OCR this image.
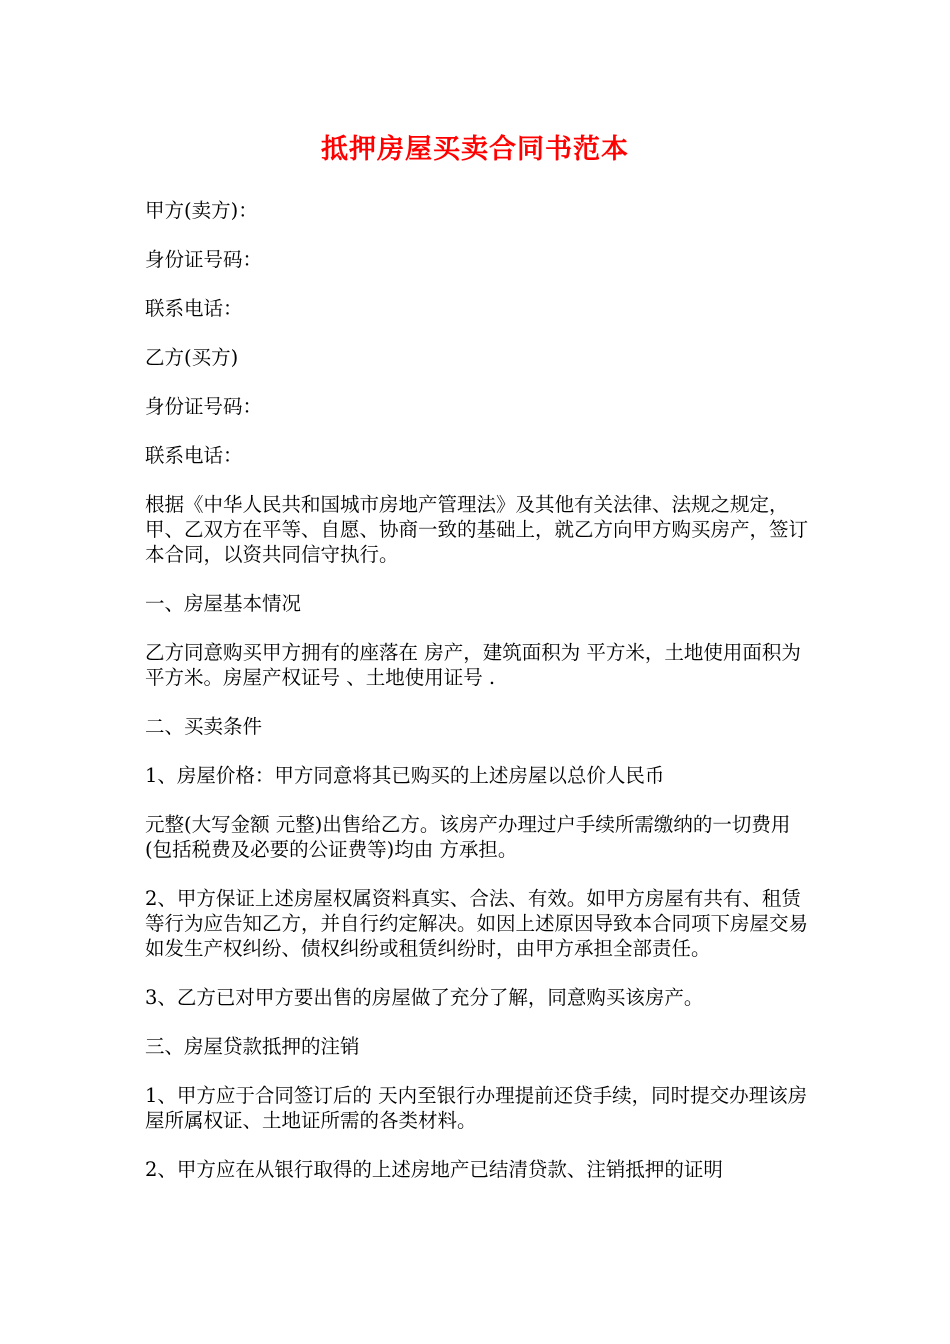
抵押房屋买卖合同书范本

甲方(卖方)：

身份证号码：

联系电话：

乙方(买方)

身份证号码：

联系电话：

根据《中华人民共和国城市房地产管理法》及其他有关法律、法规之规定，甲、乙双方在平等、自愿、协商一致的基础上，就乙方向甲方购买房产，签订本合同，以资共同信守执行。

一、房屋基本情况

乙方同意购买甲方拥有的座落在 房产，建筑面积为 平方米，土地使用面积为 平方米。房屋产权证号 、土地使用证号 .

二、买卖条件

1、房屋价格：甲方同意将其已购买的上述房屋以总价人民币

元整(大写金额 元整)出售给乙方。该房产办理过户手续所需缴纳的一切费用(包括税费及必要的公证费等)均由 方承担。

2、甲方保证上述房屋权属资料真实、合法、有效。如甲方房屋有共有、租赁等行为应告知乙方，并自行约定解决。如因上述原因导致本合同项下房屋交易如发生产权纠纷、债权纠纷或租赁纠纷时，由甲方承担全部责任。

3、乙方已对甲方要出售的房屋做了充分了解，同意购买该房产。

三、房屋贷款抵押的注销

1、甲方应于合同签订后的 天内至银行办理提前还贷手续，同时提交办理该房屋所属权证、土地证所需的各类材料。

2、甲方应在从银行取得的上述房地产已结清贷款、注销抵押的证明
